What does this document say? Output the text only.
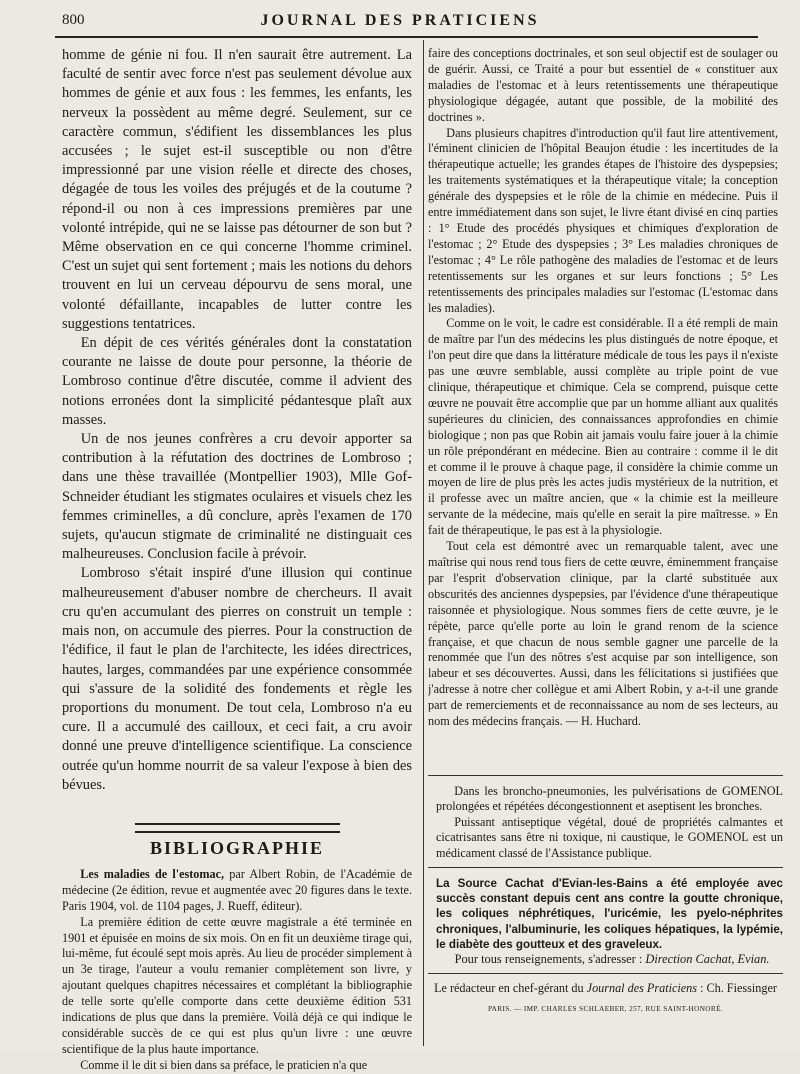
800	JOURNAL DES PRATICIENS

homme de génie ni fou. Il n'en saurait être autrement. La faculté de sentir avec force n'est pas seulement dévolue aux hommes de génie et aux fous : les femmes, les enfants, les nerveux la possèdent au même degré. Seulement, sur ce caractère commun, s'édifient les dissemblances les plus accusées ; le sujet est-il susceptible ou non d'être impressionné par une vision réelle et directe des choses, dégagée de tous les voiles des préjugés et de la coutume ? répond-il ou non à ces impressions premières par une volonté intrépide, qui ne se laisse pas détourner de son but ? Même observation en ce qui concerne l'homme criminel. C'est un sujet qui sent fortement ; mais les notions du dehors trouvent en lui un cerveau dépourvu de sens moral, une volonté défaillante, incapables de lutter contre les suggestions tentatrices.

En dépit de ces vérités générales dont la constatation courante ne laisse de doute pour personne, la théorie de Lombroso continue d'être discutée, comme il advient des notions erronées dont la simplicité pédantesque plaît aux masses.

Un de nos jeunes confrères a cru devoir apporter sa contribution à la réfutation des doctrines de Lombroso ; dans une thèse travaillée (Montpellier 1903), Mlle Gof-Schneider étudiant les stigmates oculaires et visuels chez les femmes criminelles, a dû conclure, après l'examen de 170 sujets, qu'aucun stigmate de criminalité ne distinguait ces malheureuses. Conclusion facile à prévoir.

Lombroso s'était inspiré d'une illusion qui continue malheureusement d'abuser nombre de chercheurs. Il avait cru qu'en accumulant des pierres on construit un temple : mais non, on accumule des pierres. Pour la construction de l'édifice, il faut le plan de l'architecte, les idées directrices, hautes, larges, commandées par une expérience consommée qui s'assure de la solidité des fondements et règle les proportions du monument. De tout cela, Lombroso n'a eu cure. Il a accumulé des cailloux, et ceci fait, a cru avoir donné une preuve d'intelligence scientifique. La conscience outrée qu'un homme nourrit de sa valeur l'expose à bien des bévues.

BIBLIOGRAPHIE

Les maladies de l'estomac, par Albert Robin, de l'Académie de médecine (2e édition, revue et augmentée avec 20 figures dans le texte. Paris 1904, vol. de 1104 pages, J. Rueff, éditeur).

La première édition de cette œuvre magistrale a été terminée en 1901 et épuisée en moins de six mois. On en fit un deuxième tirage qui, lui-même, fut écoulé sept mois après. Au lieu de procéder simplement à un 3e tirage, l'auteur a voulu remanier complètement son livre, y ajoutant quelques chapitres nécessaires et complétant la bibliographie de telle sorte qu'elle comporte dans cette deuxième édition 531 indications de plus que dans la première. Voilà déjà ce qui indique le considérable succès de ce qui est plus qu'un livre : une œuvre scientifique de la plus haute importance.

Comme il le dit si bien dans sa préface, le praticien n'a que

faire des conceptions doctrinales, et son seul objectif est de soulager ou de guérir. Aussi, ce Traité a pour but essentiel de « constituer aux maladies de l'estomac et à leurs retentissements une thérapeutique physiologique dégagée, autant que possible, de la mobilité des doctrines ».

Dans plusieurs chapitres d'introduction qu'il faut lire attentivement, l'éminent clinicien de l'hôpital Beaujon étudie : les incertitudes de la thérapeutique actuelle; les grandes étapes de l'histoire des dyspepsies; les traitements systématiques et la thérapeutique vitale; la conception générale des dyspepsies et le rôle de la chimie en médecine. Puis il entre immédiatement dans son sujet, le livre étant divisé en cinq parties : 1° Etude des procédés physiques et chimiques d'exploration de l'estomac ; 2° Etude des dyspepsies ; 3° Les maladies chroniques de l'estomac ; 4° Le rôle pathogène des maladies de l'estomac et de leurs retentissements sur les organes et sur leurs fonctions ; 5° Les retentissements des principales maladies sur l'estomac (L'estomac dans les maladies).

Comme on le voit, le cadre est considérable. Il a été rempli de main de maître par l'un des médecins les plus distingués de notre époque, et l'on peut dire que dans la littérature médicale de tous les pays il n'existe pas une œuvre semblable, aussi complète au triple point de vue clinique, thérapeutique et chimique. Cela se comprend, puisque cette œuvre ne pouvait être accomplie que par un homme alliant aux qualités supérieures du clinicien, des connaissances approfondies en chimie biologique ; non pas que Robin ait jamais voulu faire jouer à la chimie un rôle prépondérant en médecine. Bien au contraire : comme il le dit et comme il le prouve à chaque page, il considère la chimie comme un moyen de lire de plus près les actes judis mystérieux de la nutrition, et il professe avec un maître ancien, que « la chimie est la meilleure servante de la médecine, mais qu'elle en serait la pire maîtresse. » En fait de thérapeutique, le pas est à la physiologie.

Tout cela est démontré avec un remarquable talent, avec une maîtrise qui nous rend tous fiers de cette œuvre, éminemment française par l'esprit d'observation clinique, par la clarté substituée aux obscurités des anciennes dyspepsies, par l'évidence d'une thérapeutique raisonnée et physiologique. Nous sommes fiers de cette œuvre, je le répète, parce qu'elle porte au loin le grand renom de la science française, et que chacun de nous semble gagner une parcelle de la renommée que l'un des nôtres s'est acquise par son intelligence, son labeur et ses découvertes. Aussi, dans les félicitations si justifiées que j'adresse à notre cher collègue et ami Albert Robin, y a-t-il une grande part de remerciements et de reconnaissance au nom de ses lecteurs, au nom des médecins français. — H. Huchard.

Dans les broncho-pneumonies, les pulvérisations de GOMENOL prolongées et répétées décongestionnent et aseptisent les bronches.

Puissant antiseptique végétal, doué de propriétés calmantes et cicatrisantes sans être ni toxique, ni caustique, le GOMENOL est un médicament classé de l'Assistance publique.

La Source Cachat d'Evian-les-Bains a été employée avec succès constant depuis cent ans contre la goutte chronique, les coliques néphrétiques, l'uricémie, les pyelo-néphrites chroniques, l'albuminurie, les coliques hépatiques, la lypémie, le diabète des goutteux et des graveleux.

Pour tous renseignements, s'adresser : Direction Cachat, Evian.

Le rédacteur en chef-gérant du Journal des Praticiens : Ch. Fiessinger
PARIS. — IMP. CHARLES SCHLAEBER, 257, RUE SAINT-HONORÉ.
